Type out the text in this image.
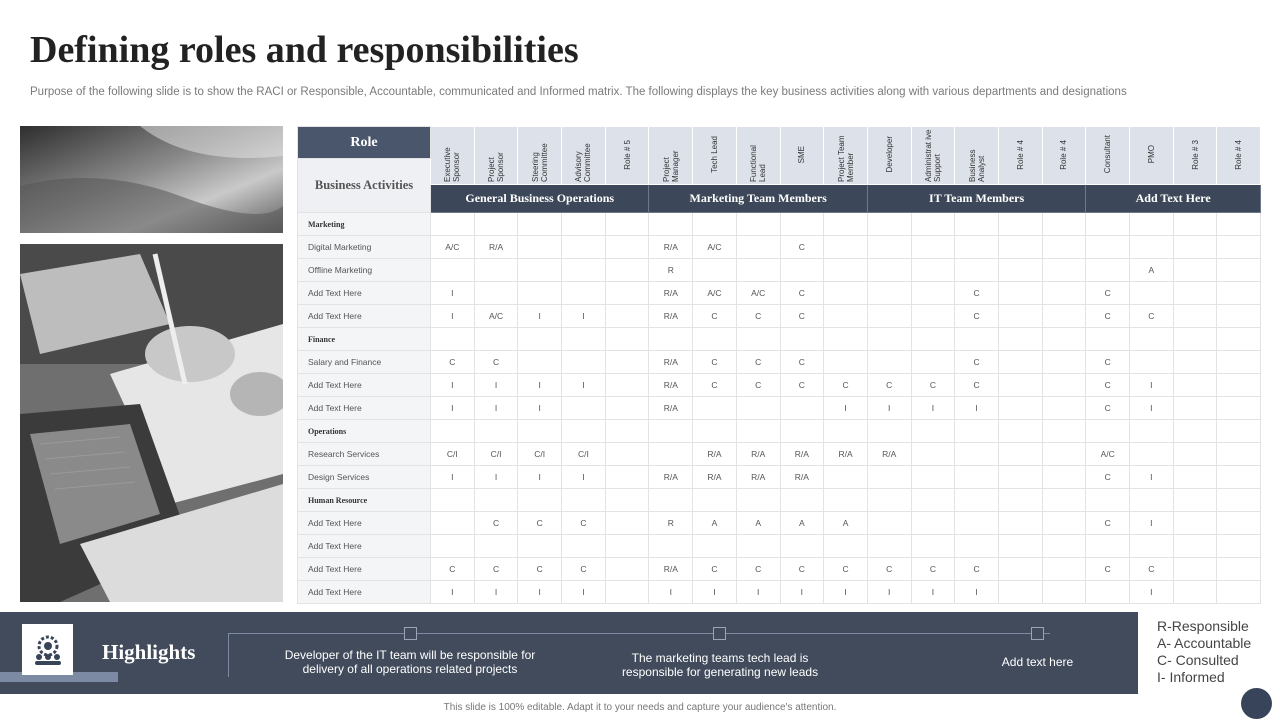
Defining roles and responsibilities
Purpose of the following slide is to show the RACI or Responsible, Accountable, communicated and Informed matrix. The following displays the key business activities along with various departments and designations
Role	Executive Sponsor	Project Sponsor	Steering Committee	Advisory Committee	Role # 5	Project Manager	Tech Lead	Functional Lead	SME	Project Team Member	Developer	Administrat ive Support	Business Analyst	Role # 4	Role # 4	Consultant	PMO	Role # 3	Role # 4
Business Activities																			
	General Business Operations					Marketing Team Members					IT Team Members					Add Text Here			
Marketing																			
Digital Marketing	A/C	R/A				R/A	A/C		C										
Offline Marketing						R											A		
Add Text Here	I					R/A	A/C	A/C	C				C			C			
Add Text Here	I	A/C	I	I		R/A	C	C	C				C			C	C		
Finance																			
Salary and Finance	C	C				R/A	C	C	C				C			C			
Add Text Here	I	I	I	I		R/A	C	C	C	C	C	C	C			C	I		
Add Text Here	I	I	I			R/A				I	I	I	I			C	I		
Operations																			
Research Services	C/I	C/I	C/I	C/I			R/A	R/A	R/A	R/A	R/A					A/C			
Design Services	I	I	I	I		R/A	R/A	R/A	R/A							C	I		
Human Resource																			
Add Text Here		C	C	C		R	A	A	A	A						C	I		
Add Text Here																			
Add Text Here	C	C	C	C		R/A	C	C	C	C	C	C	C			C	C		
Add Text Here	I	I	I	I		I	I	I	I	I	I	I	I				I		
Highlights	Developer of the IT team will be responsible for delivery of all operations related projects
The marketing teams tech lead is responsible for generating new leads
Add text here
R-Responsible
A- Accountable
C- Consulted
I- Informed
This slide is 100% editable. Adapt it to your needs and capture your audience's attention.
